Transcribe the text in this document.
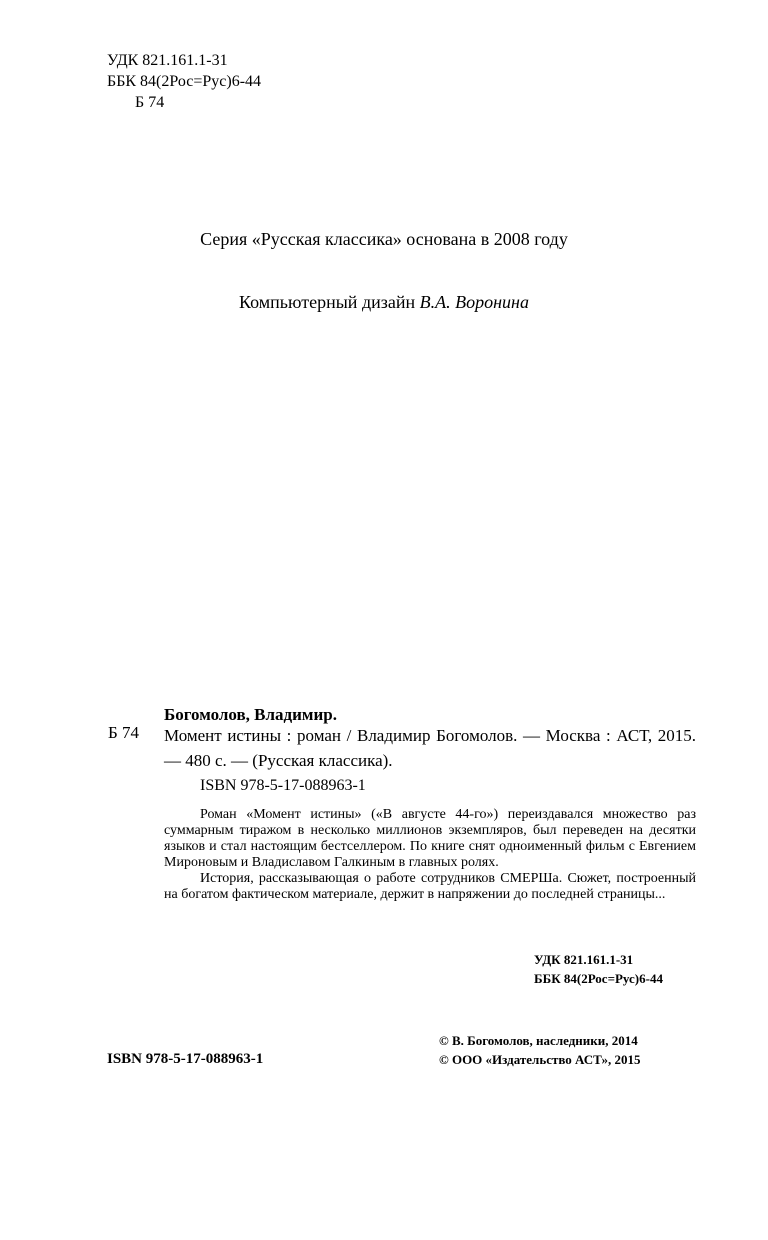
УДК 821.161.1-31
ББК 84(2Рос=Рус)6-44
Б 74
Серия «Русская классика» основана в 2008 году
Компьютерный дизайн В.А. Воронина
Богомолов, Владимир.
Б 74 Момент истины : роман / Владимир Богомолов. — Москва : АСТ, 2015. — 480 с. — (Русская классика).
ISBN 978-5-17-088963-1

Роман «Момент истины» («В августе 44-го») переиздавался множество раз суммарным тиражом в несколько миллионов экземпляров, был переведен на десятки языков и стал настоящим бестселлером. По книге снят одноименный фильм с Евгением Мироновым и Владиславом Галкиным в главных ролях.

История, рассказывающая о работе сотрудников СМЕРШа. Сюжет, построенный на богатом фактическом материале, держит в напряжении до последней страницы...

УДК 821.161.1-31
ББК 84(2Рос=Рус)6-44
© В. Богомолов, наследники, 2014
© ООО «Издательство АСТ», 2015
ISBN 978-5-17-088963-1
